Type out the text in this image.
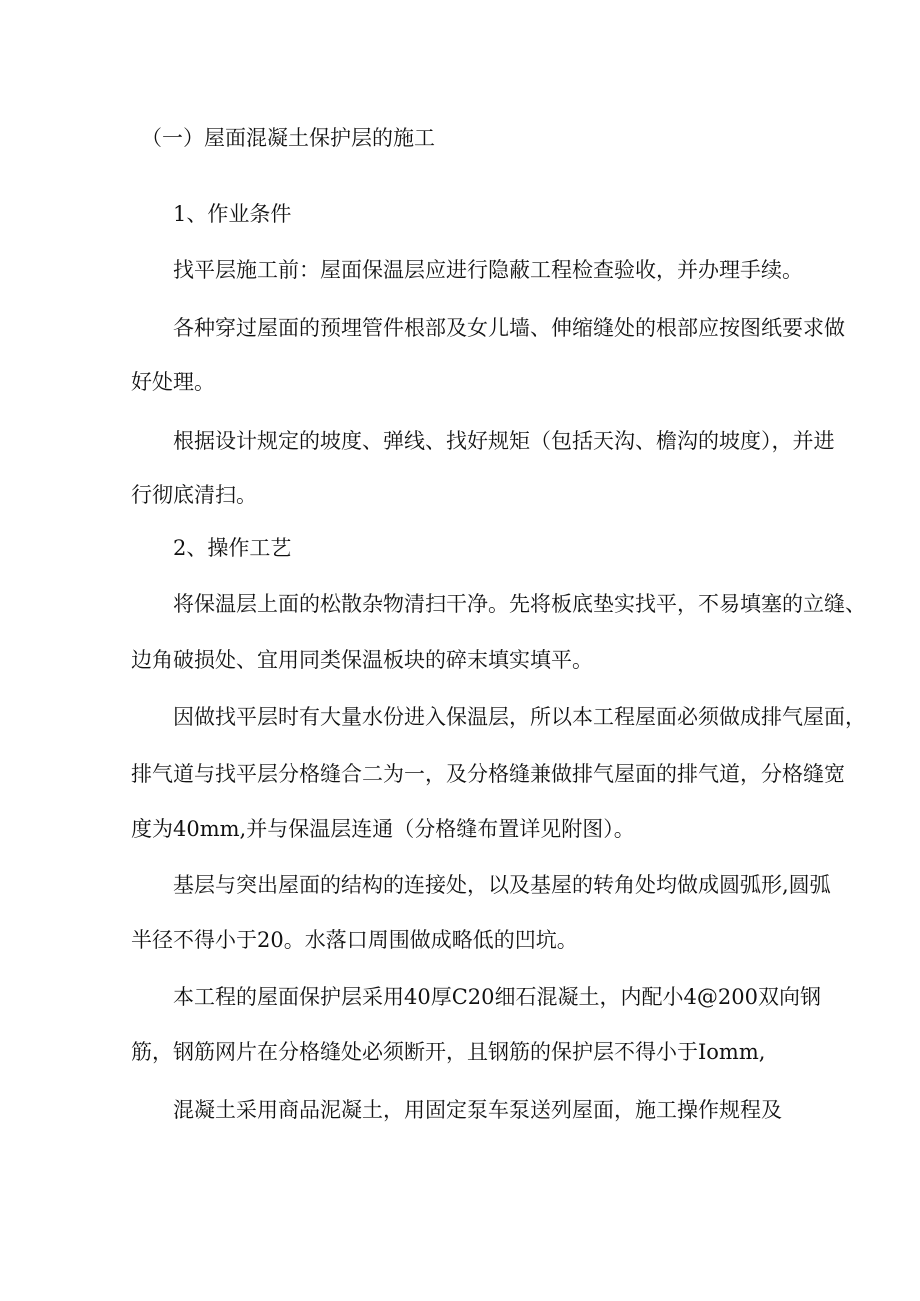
（一）屋面混凝土保护层的施工

1、作业条件

找平层施工前：屋面保温层应进行隐蔽工程检查验收，并办理手续。

各种穿过屋面的预埋管件根部及女儿墙、伸缩缝处的根部应按图纸要求做

好处理。

根据设计规定的坡度、弹线、找好规矩（包括天沟、檐沟的坡度），并进

行彻底清扫。

2、操作工艺

将保温层上面的松散杂物清扫干净。先将板底垫实找平，不易填塞的立缝、

边角破损处、宜用同类保温板块的碎末填实填平。

因做找平层时有大量水份进入保温层，所以本工程屋面必须做成排气屋面，

排气道与找平层分格缝合二为一，及分格缝兼做排气屋面的排气道，分格缝宽

度为40mm,并与保温层连通（分格缝布置详见附图）。

基层与突出屋面的结构的连接处，以及基屋的转角处均做成圆弧形,圆弧

半径不得小于20。水落口周围做成略低的凹坑。

本工程的屋面保护层采用40厚C20细石混凝土，内配小4@200双向钢

筋，钢筋网片在分格缝处必须断开，且钢筋的保护层不得小于Iomm,

混凝土采用商品泥凝土，用固定泵车泵送列屋面，施工操作规程及
